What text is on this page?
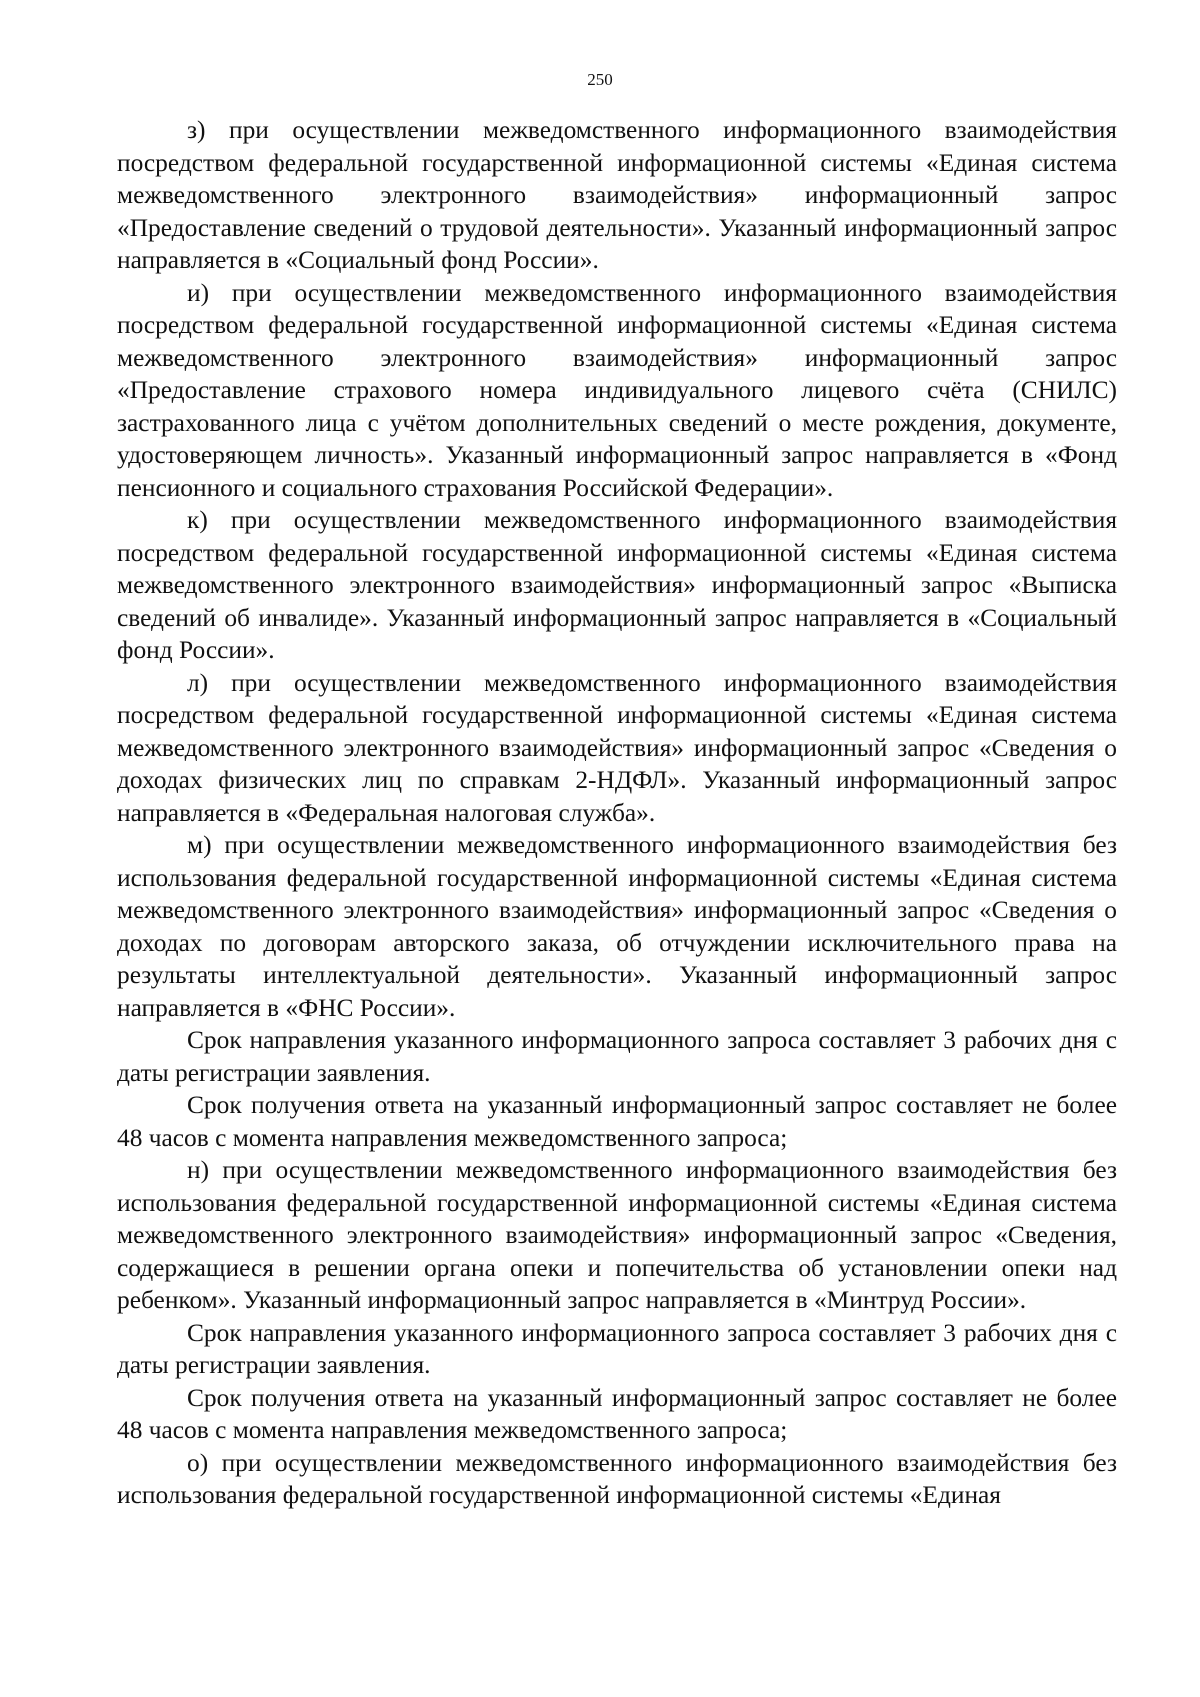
250

з) при осуществлении межведомственного информационного взаимодействия посредством федеральной государственной информационной системы «Единая система межведомственного электронного взаимодействия» информационный запрос «Предоставление сведений о трудовой деятельности». Указанный информационный запрос направляется в «Социальный фонд России».

и) при осуществлении межведомственного информационного взаимодействия посредством федеральной государственной информационной системы «Единая система межведомственного электронного взаимодействия» информационный запрос «Предоставление страхового номера индивидуального лицевого счёта (СНИЛС) застрахованного лица с учётом дополнительных сведений о месте рождения, документе, удостоверяющем личность». Указанный информационный запрос направляется в «Фонд пенсионного и социального страхования Российской Федерации».

к) при осуществлении межведомственного информационного взаимодействия посредством федеральной государственной информационной системы «Единая система межведомственного электронного взаимодействия» информационный запрос «Выписка сведений об инвалиде». Указанный информационный запрос направляется в «Социальный фонд России».

л) при осуществлении межведомственного информационного взаимодействия посредством федеральной государственной информационной системы «Единая система межведомственного электронного взаимодействия» информационный запрос «Сведения о доходах физических лиц по справкам 2-НДФЛ». Указанный информационный запрос направляется в «Федеральная налоговая служба».

м) при осуществлении межведомственного информационного взаимодействия без использования федеральной государственной информационной системы «Единая система межведомственного электронного взаимодействия» информационный запрос «Сведения о доходах по договорам авторского заказа, об отчуждении исключительного права на результаты интеллектуальной деятельности». Указанный информационный запрос направляется в «ФНС России».

Срок направления указанного информационного запроса составляет 3 рабочих дня с даты регистрации заявления.

Срок получения ответа на указанный информационный запрос составляет не более 48 часов с момента направления межведомственного запроса;

н) при осуществлении межведомственного информационного взаимодействия без использования федеральной государственной информационной системы «Единая система межведомственного электронного взаимодействия» информационный запрос «Сведения, содержащиеся в решении органа опеки и попечительства об установлении опеки над ребенком». Указанный информационный запрос направляется в «Минтруд России».

Срок направления указанного информационного запроса составляет 3 рабочих дня с даты регистрации заявления.

Срок получения ответа на указанный информационный запрос составляет не более 48 часов с момента направления межведомственного запроса;

о) при осуществлении межведомственного информационного взаимодействия без использования федеральной государственной информационной системы «Единая
